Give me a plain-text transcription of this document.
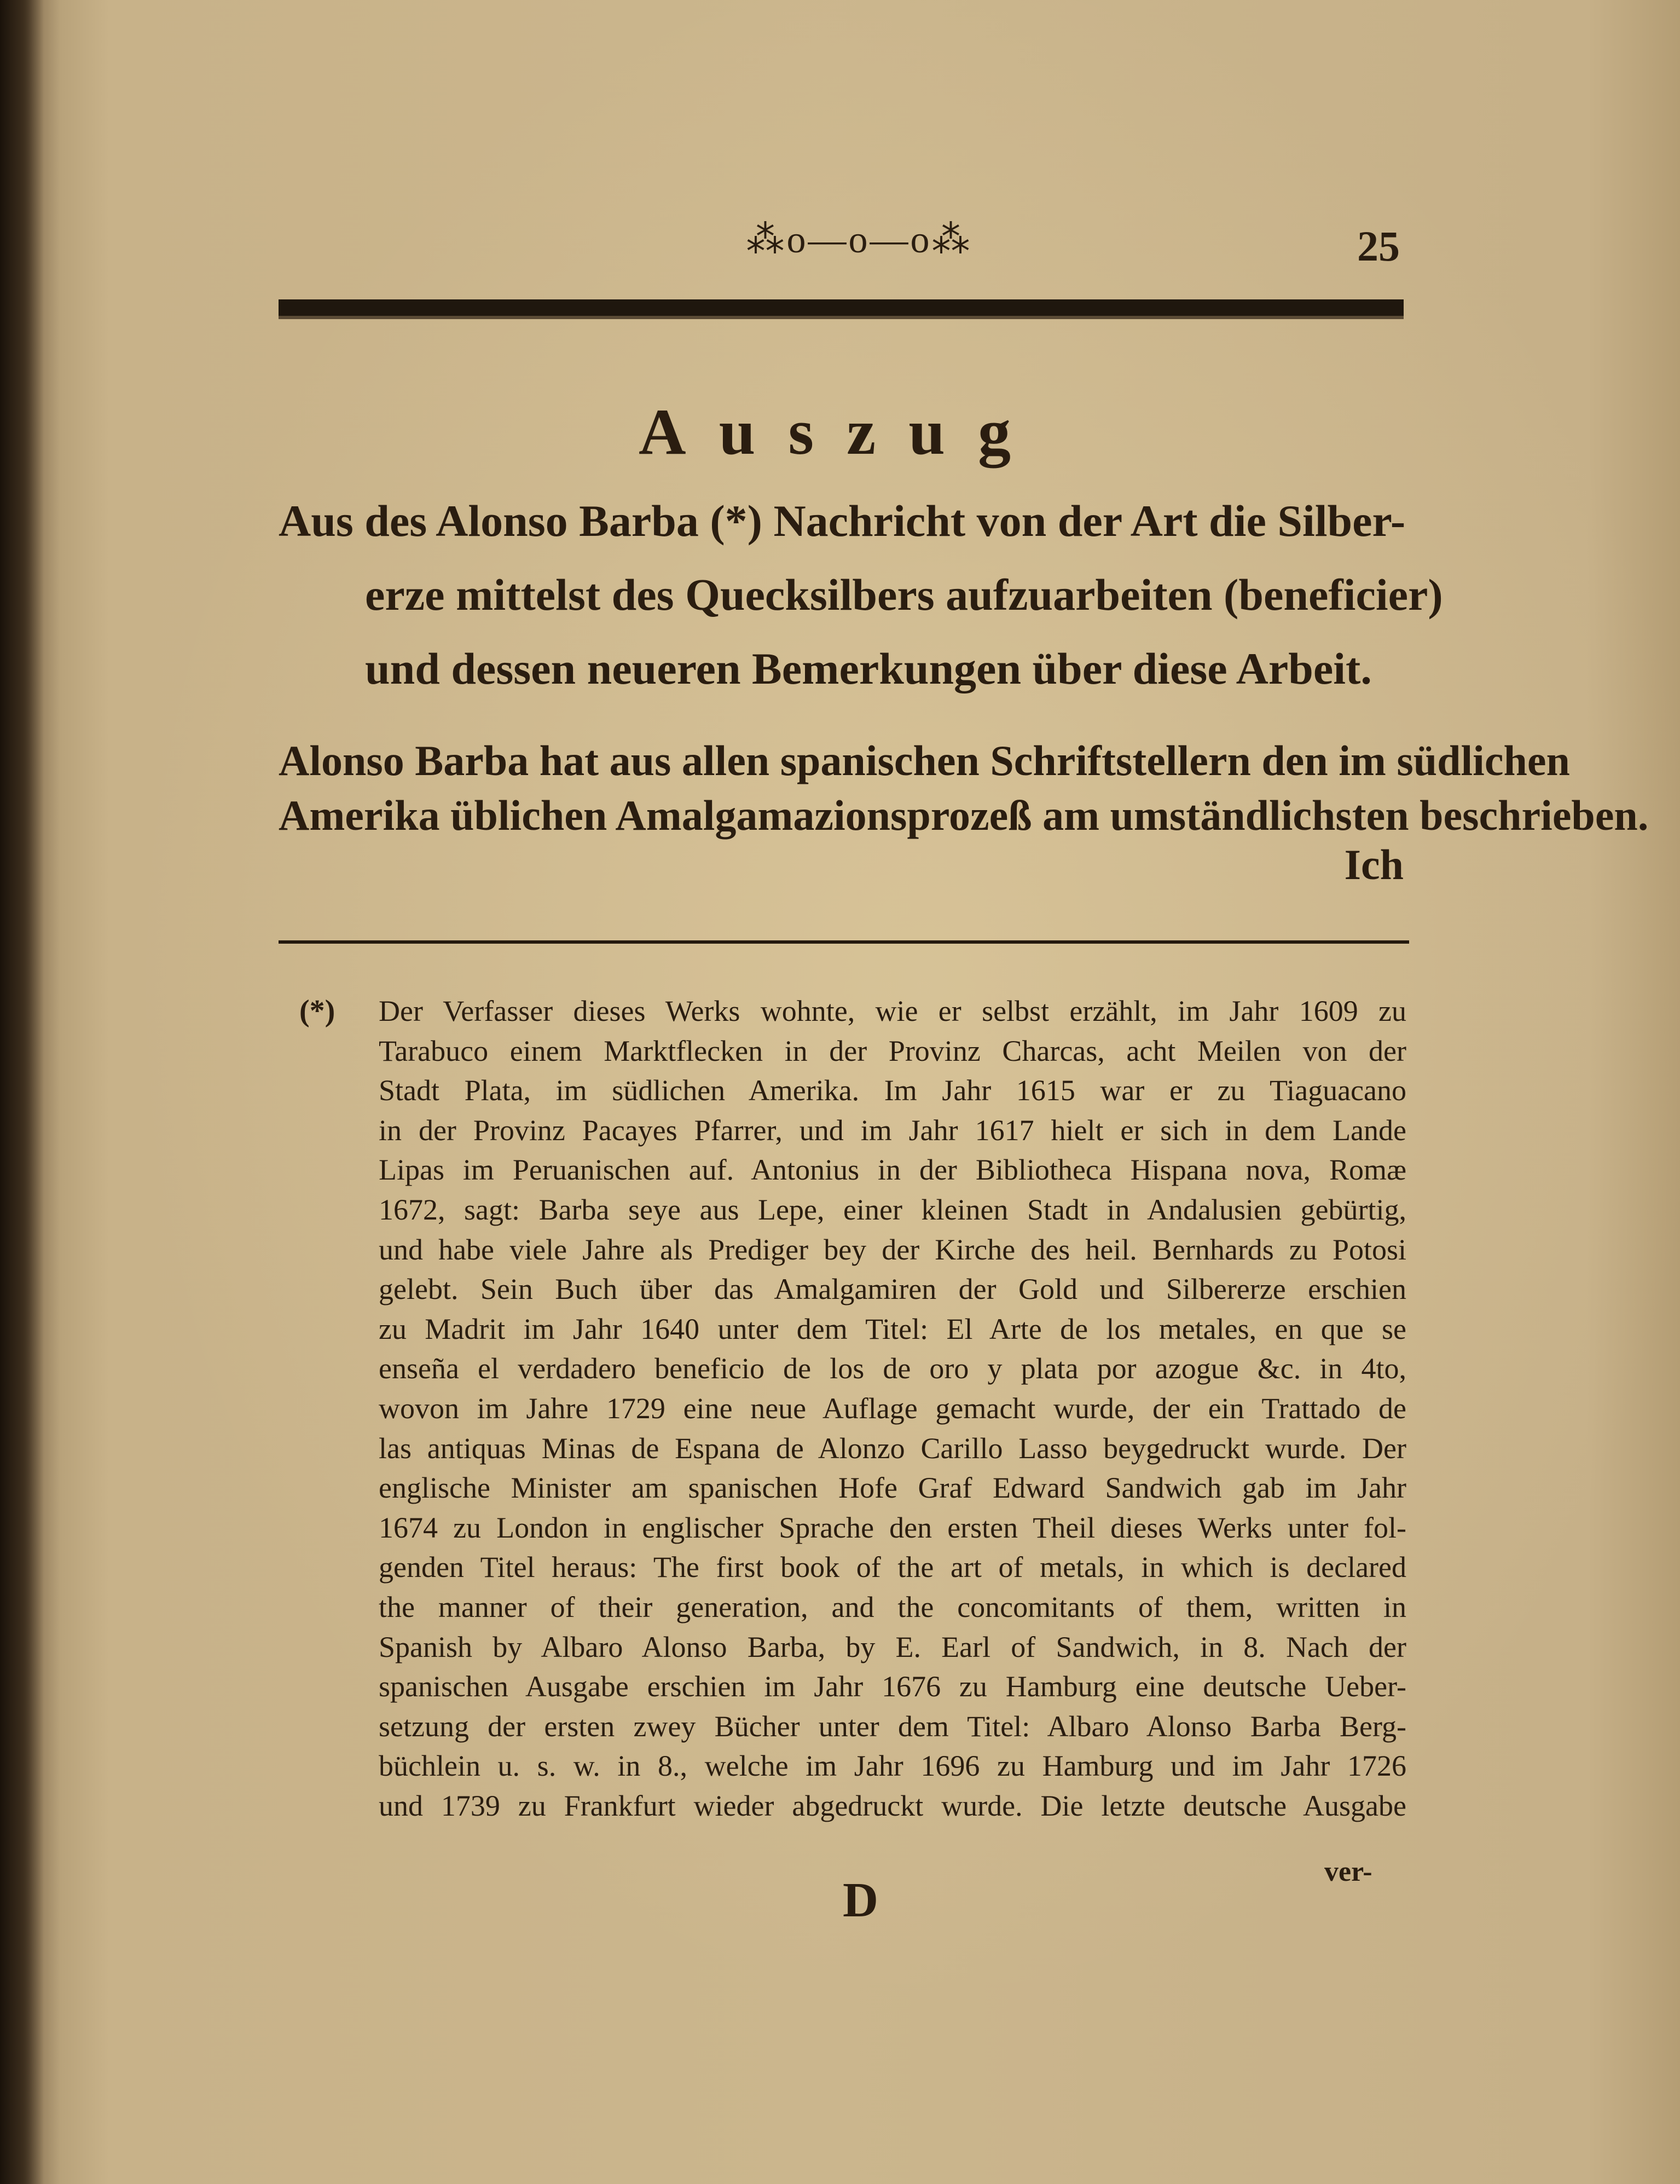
⁂o—o—o⁂	25
Auszug
Aus des Alonso Barba (*) Nachricht von der Art die Silber-
erze mittelst des Quecksilbers aufzuarbeiten (beneficier)
und dessen neueren Bemerkungen über diese Arbeit.
Alonso Barba hat aus allen spanischen Schriftstellern den im südlichen
Amerika üblichen Amalgamazionsprozeß am umständlichsten beschrieben.
Ich
(*) Der Verfasser dieses Werks wohnte, wie er selbst erzählt, im Jahr 1609 zu
Tarabuco einem Marktflecken in der Provinz Charcas, acht Meilen von der
Stadt Plata, im südlichen Amerika. Im Jahr 1615 war er zu Tiaguacano
in der Provinz Pacayes Pfarrer, und im Jahr 1617 hielt er sich in dem Lande
Lipas im Peruanischen auf. Antonius in der Bibliotheca Hispana nova, Romæ
1672, sagt: Barba seye aus Lepe, einer kleinen Stadt in Andalusien gebürtig,
und habe viele Jahre als Prediger bey der Kirche des heil. Bernhards zu Potosi
gelebt. Sein Buch über das Amalgamiren der Gold und Silbererze erschien
zu Madrit im Jahr 1640 unter dem Titel: El Arte de los metales, en que se
enseña el verdadero beneficio de los de oro y plata por azogue &c. in 4to,
wovon im Jahre 1729 eine neue Auflage gemacht wurde, der ein Trattado de
las antiquas Minas de Espana de Alonzo Carillo Lasso beygedruckt wurde. Der
englische Minister am spanischen Hofe Graf Edward Sandwich gab im Jahr
1674 zu London in englischer Sprache den ersten Theil dieses Werks unter fol-
genden Titel heraus: The first book of the art of metals, in which is declared
the manner of their generation, and the concomitants of them, written in
Spanish by Albaro Alonso Barba, by E. Earl of Sandwich, in 8. Nach der
spanischen Ausgabe erschien im Jahr 1676 zu Hamburg eine deutsche Ueber-
setzung der ersten zwey Bücher unter dem Titel: Albaro Alonso Barba Berg-
büchlein u. s. w. in 8., welche im Jahr 1696 zu Hamburg und im Jahr 1726
und 1739 zu Frankfurt wieder abgedruckt wurde. Die letzte deutsche Ausgabe
ver-
D
